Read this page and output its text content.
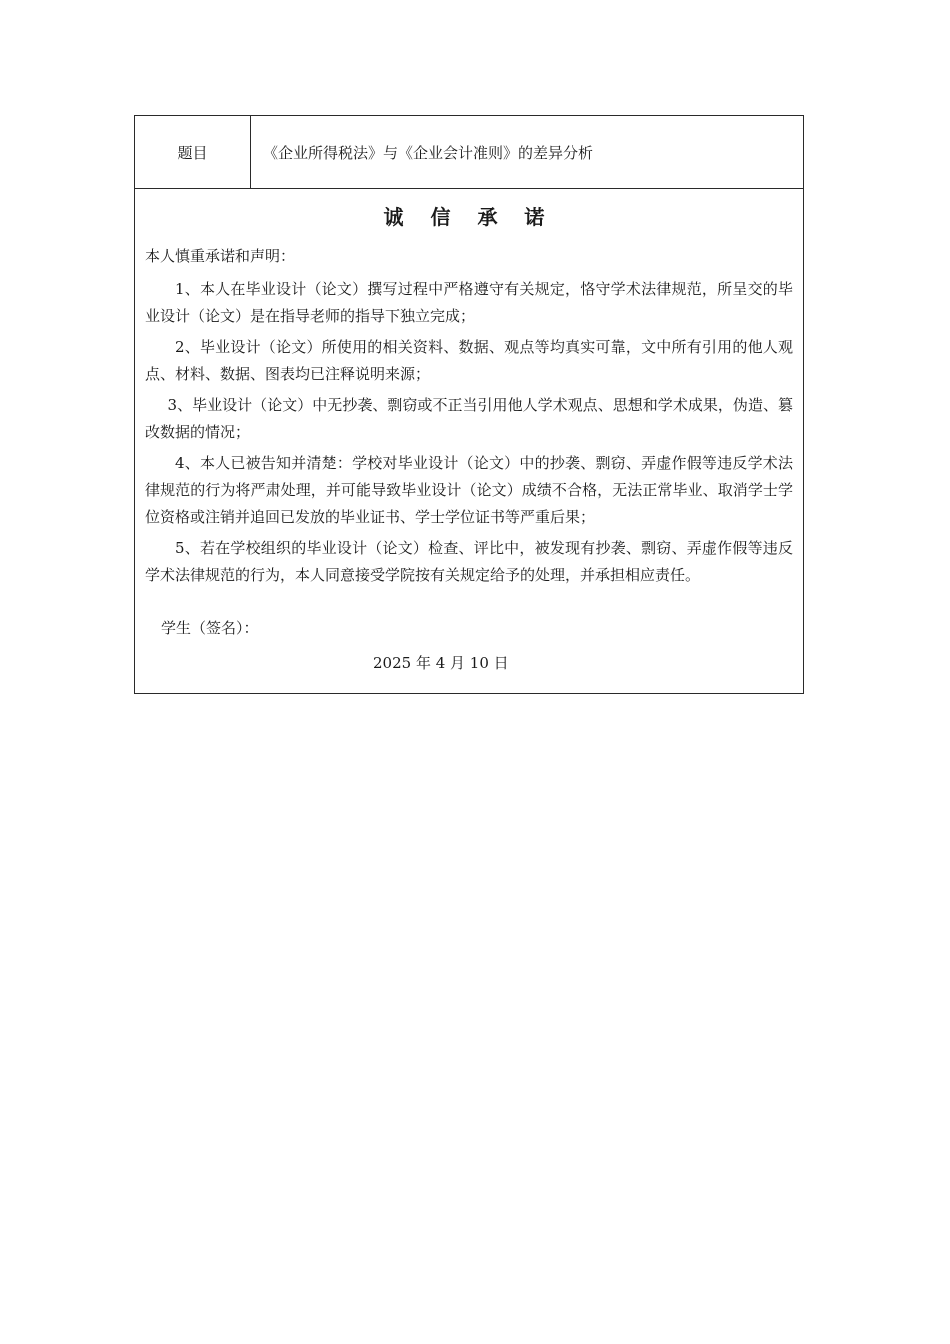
题目	《企业所得税法》与《企业会计准则》的差异分析
诚 信 承 诺

本人慎重承诺和声明：

1、本人在毕业设计（论文）撰写过程中严格遵守有关规定，恪守学术法律规范，所呈交的毕业设计（论文）是在指导老师的指导下独立完成；

2、毕业设计（论文）所使用的相关资料、数据、观点等均真实可靠，文中所有引用的他人观点、材料、数据、图表均已注释说明来源；

3、毕业设计（论文）中无抄袭、剽窃或不正当引用他人学术观点、思想和学术成果，伪造、篡改数据的情况；

4、本人已被告知并清楚：学校对毕业设计（论文）中的抄袭、剽窃、弄虚作假等违反学术法律规范的行为将严肃处理，并可能导致毕业设计（论文）成绩不合格，无法正常毕业、取消学士学位资格或注销并追回已发放的毕业证书、学士学位证书等严重后果；

5、若在学校组织的毕业设计（论文）检查、评比中，被发现有抄袭、剽窃、弄虚作假等违反学术法律规范的行为，本人同意接受学院按有关规定给予的处理，并承担相应责任。

学生（签名）：
2025 年 4 月 10 日
